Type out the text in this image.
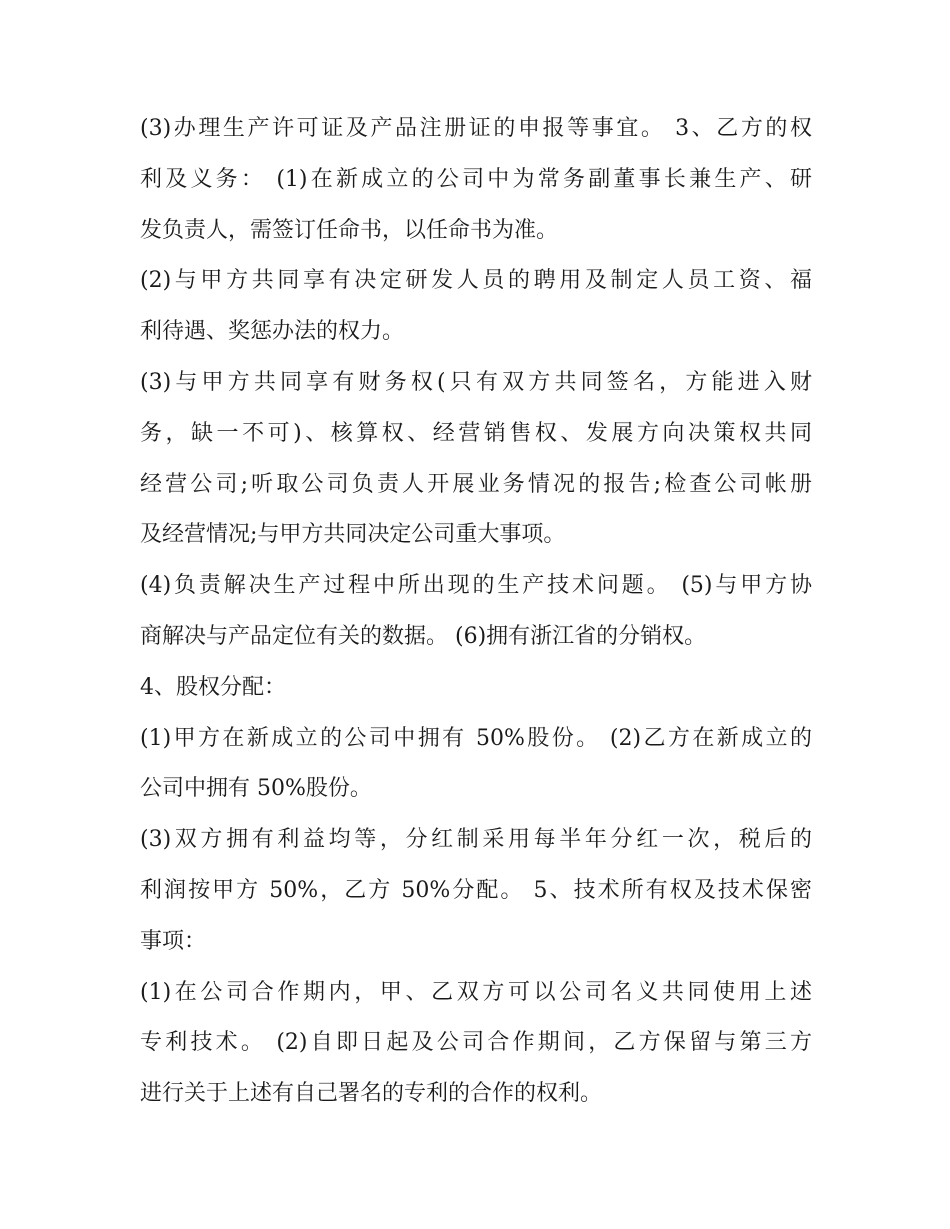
(3)办理生产许可证及产品注册证的申报等事宜。 3、乙方的权
利及义务： (1)在新成立的公司中为常务副董事长兼生产、研
发负责人，需签订任命书，以任命书为准。
(2)与甲方共同享有决定研发人员的聘用及制定人员工资、福
利待遇、奖惩办法的权力。
(3)与甲方共同享有财务权(只有双方共同签名，方能进入财
务，缺一不可)、核算权、经营销售权、发展方向决策权共同
经营公司;听取公司负责人开展业务情况的报告;检查公司帐册
及经营情况;与甲方共同决定公司重大事项。
(4)负责解决生产过程中所出现的生产技术问题。 (5)与甲方协
商解决与产品定位有关的数据。 (6)拥有浙江省的分销权。
4、股权分配：
(1)甲方在新成立的公司中拥有 50%股份。 (2)乙方在新成立的
公司中拥有 50%股份。
(3)双方拥有利益均等，分红制采用每半年分红一次，税后的
利润按甲方 50%，乙方 50%分配。 5、技术所有权及技术保密
事项：
(1)在公司合作期内，甲、乙双方可以公司名义共同使用上述
专利技术。 (2)自即日起及公司合作期间，乙方保留与第三方
进行关于上述有自己署名的专利的合作的权利。
